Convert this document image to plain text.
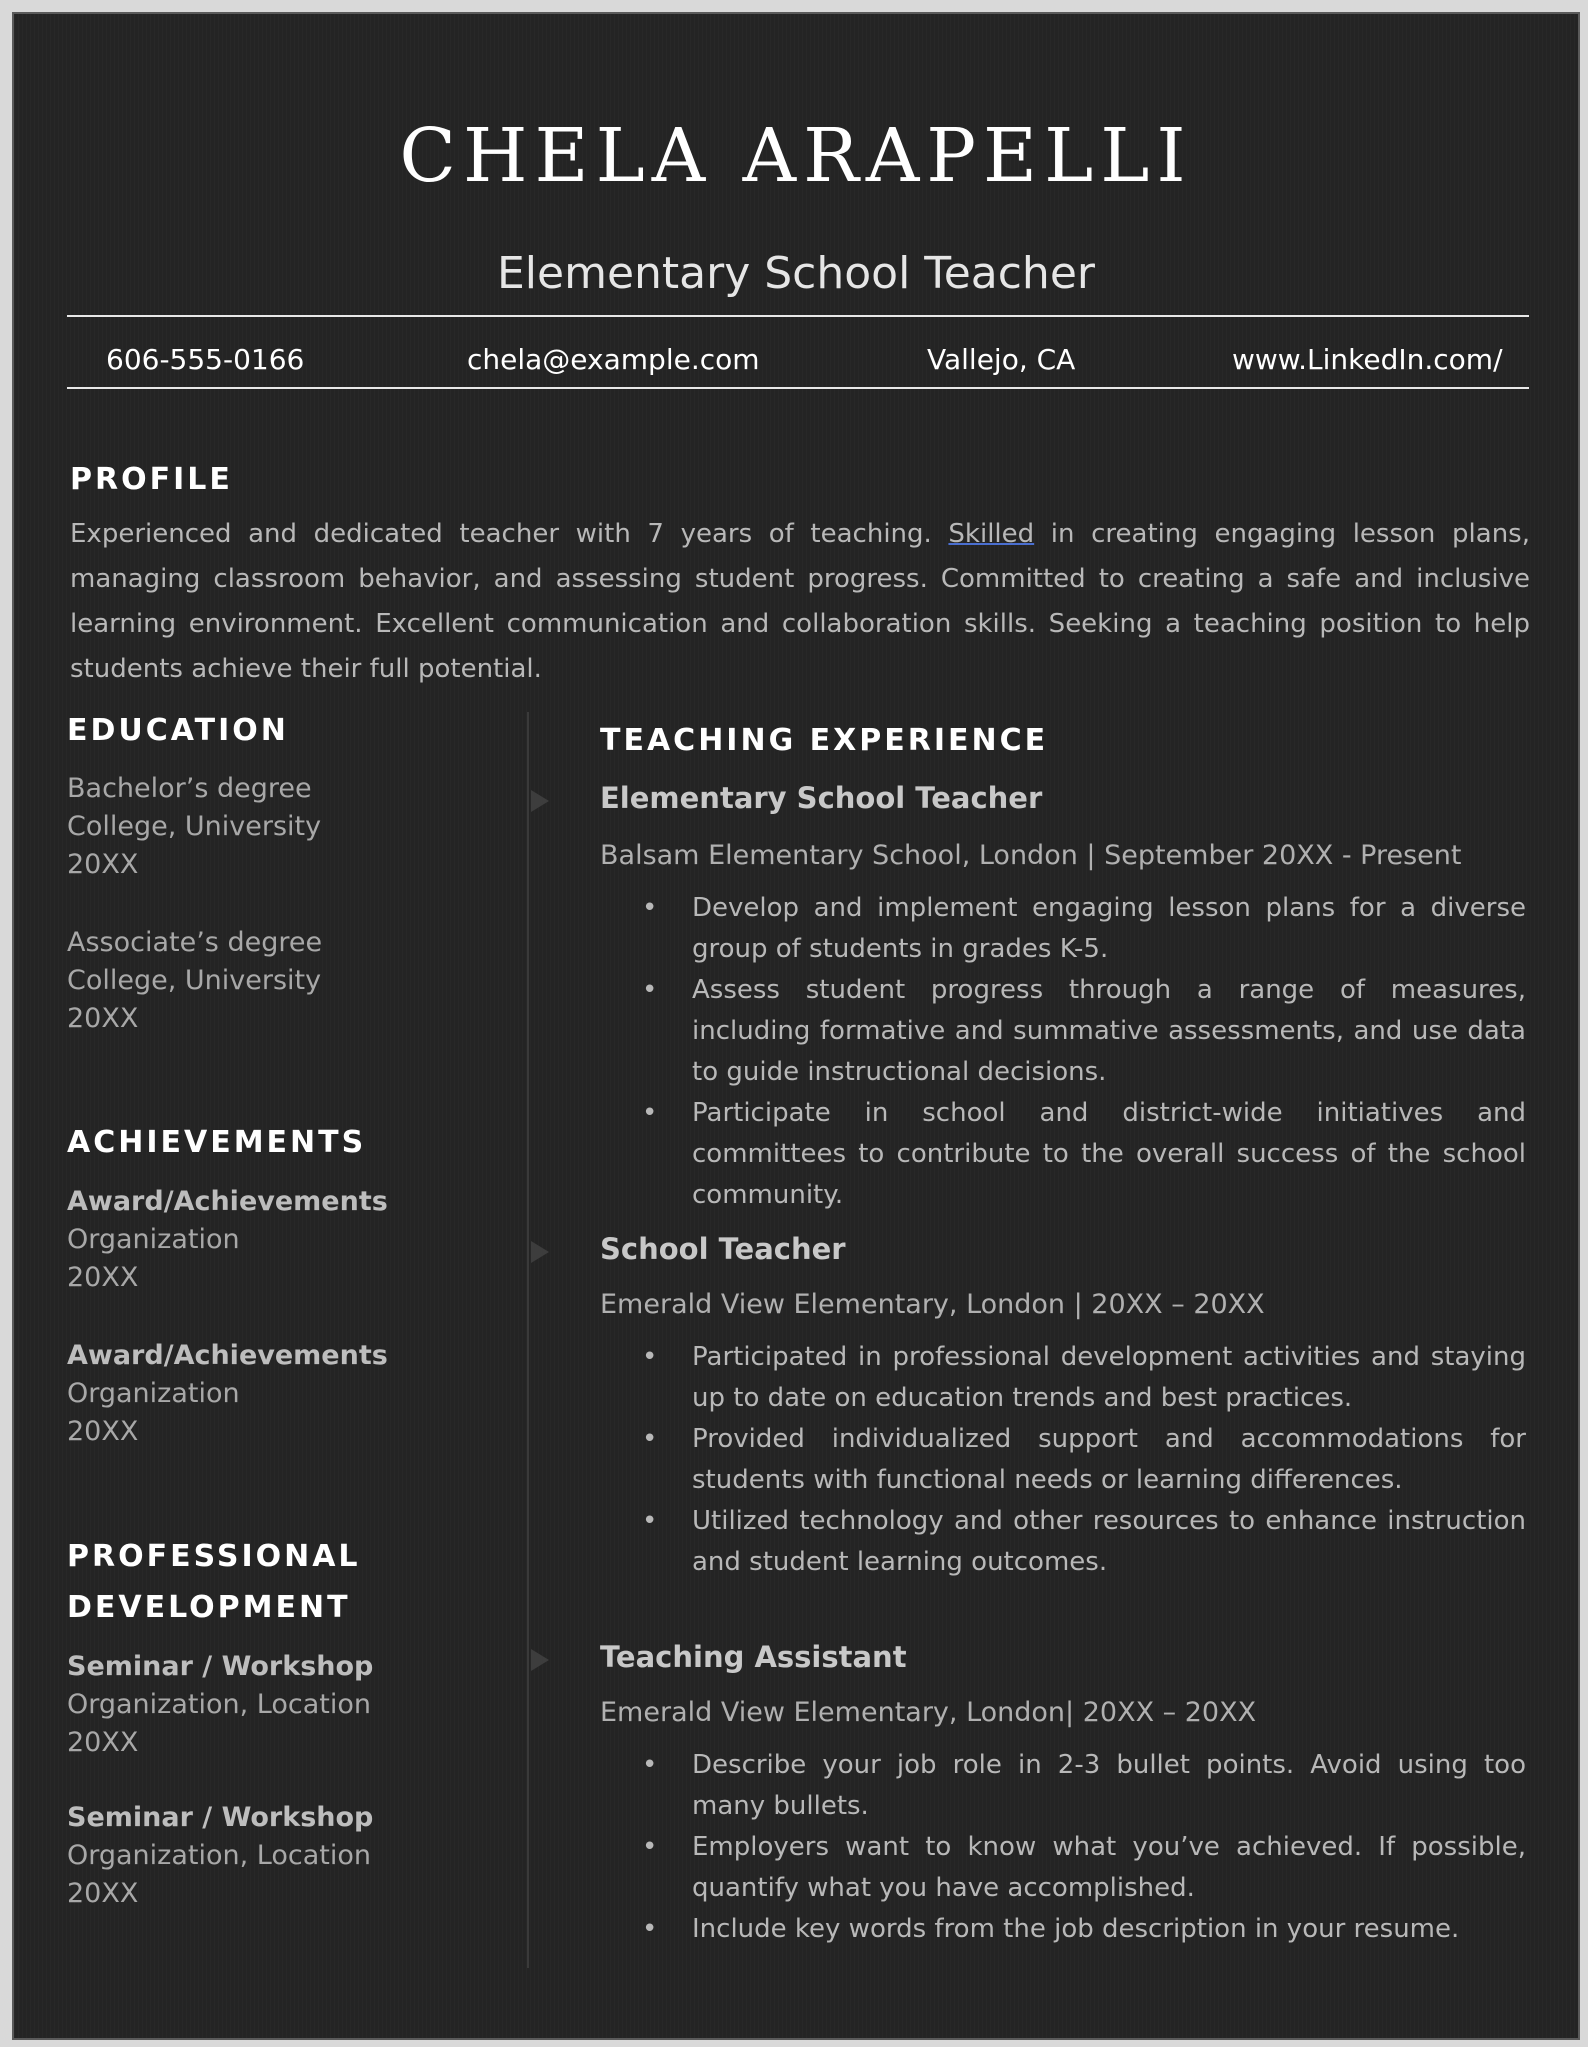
CHELA ARAPELLI
Elementary School Teacher
606-555-0166	chela@example.com	Vallejo, CA	www.LinkedIn.com/
PROFILE

Experienced and dedicated teacher with 7 years of teaching. Skilled in creating engaging lesson plans, managing classroom behavior, and assessing student progress. Committed to creating a safe and inclusive learning environment. Excellent communication and collaboration skills. Seeking a teaching position to help students achieve their full potential.

EDUCATION
Bachelor’s degree
College, University
20XX
Associate’s degree
College, University
20XX
ACHIEVEMENTS
Award/Achievements
Organization
20XX
Award/Achievements
Organization
20XX
PROFESSIONAL
DEVELOPMENT
Seminar / Workshop
Organization, Location
20XX
Seminar / Workshop
Organization, Location
20XX
TEACHING EXPERIENCE
Elementary School Teacher
Balsam Elementary School, London | September 20XX - Present
• Develop and implement engaging lesson plans for a diverse group of students in grades K-5.
• Assess student progress through a range of measures, including formative and summative assessments, and use data to guide instructional decisions.
• Participate in school and district-wide initiatives and committees to contribute to the overall success of the school community.
School Teacher
Emerald View Elementary, London | 20XX – 20XX
• Participated in professional development activities and staying up to date on education trends and best practices.
• Provided individualized support and accommodations for students with functional needs or learning differences.
• Utilized technology and other resources to enhance instruction and student learning outcomes.
Teaching Assistant
Emerald View Elementary, London| 20XX – 20XX
• Describe your job role in 2-3 bullet points. Avoid using too many bullets.
• Employers want to know what you’ve achieved. If possible, quantify what you have accomplished.
• Include key words from the job description in your resume.
